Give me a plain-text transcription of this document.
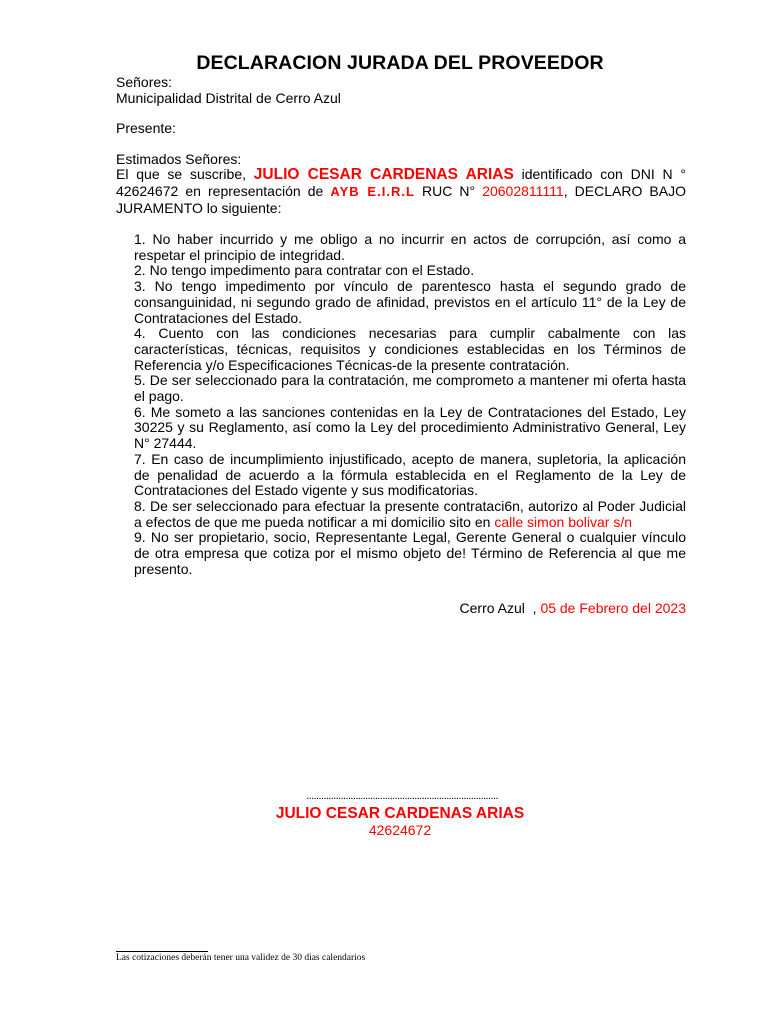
DECLARACION JURADA DEL PROVEEDOR
Señores:
Municipalidad Distrital de Cerro Azul
Presente:
Estimados Señores:
El que se suscribe, JULIO CESAR CARDENAS ARIAS identificado con DNI N ° 42624672 en representación de AYB E.I.R.L RUC N° 20602811111, DECLARO BAJO JURAMENTO lo siguiente:

1. No haber incurrido y me obligo a no incurrir en actos de corrupción, así como a respetar el principio de integridad.

2. No tengo impedimento para contratar con el Estado.

3. No tengo impedimento por vínculo de parentesco hasta el segundo grado de consanguinidad, ni segundo grado de afinidad, previstos en el artículo 11° de la Ley de Contrataciones del Estado.

4. Cuento con las condiciones necesarias para cumplir cabalmente con las características, técnicas, requisitos y condiciones establecidas en los Términos de Referencia y/o Especificaciones Técnicas-de la presente contratación.

5. De ser seleccionado para la contratación, me comprometo a mantener mi oferta hasta el pago.

6. Me someto a las sanciones contenidas en la Ley de Contrataciones del Estado, Ley 30225 y su Reglamento, así como la Ley del procedimiento Administrativo General, Ley N° 27444.

7. En caso de incumplimiento injustificado, acepto de manera, supletoria, la aplicación de penalidad de acuerdo a la fórmula establecida en el Reglamento de la Ley de Contrataciones del Estado vigente y sus modificatorias.

8. De ser seleccionado para efectuar la presente contrataci6n, autorizo al Poder Judicial a efectos de que me pueda notificar a mi domicilio sito en calle simon bolivar s/n

9. No ser propietario, socio, Representante Legal, Gerente General o cualquier vínculo de otra empresa que cotiza por el mismo objeto de! Término de Referencia al que me presento.

Cerro Azul  , 05 de Febrero del 2023
..............................................................................
JULIO CESAR CARDENAS ARIAS
42624672
Las cotizaciones deberán tener una validez de 30 dias calendarios
